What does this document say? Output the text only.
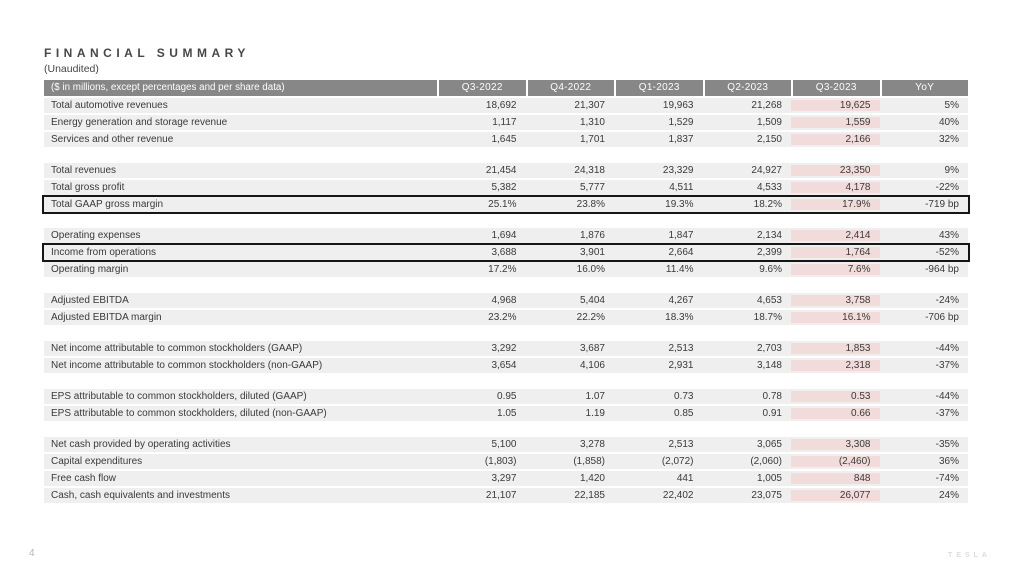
FINANCIAL SUMMARY
(Unaudited)
($ in millions, except percentages and per share data)	Q3-2022	Q4-2022	Q1-2023	Q2-2023	Q3-2023	YoY
Total automotive revenues	18,692	21,307	19,963	21,268	19,625	5%
Energy generation and storage revenue	1,117	1,310	1,529	1,509	1,559	40%
Services and other revenue	1,645	1,701	1,837	2,150	2,166	32%
Total revenues	21,454	24,318	23,329	24,927	23,350	9%
Total gross profit	5,382	5,777	4,511	4,533	4,178	-22%
Total GAAP gross margin	25.1%	23.8%	19.3%	18.2%	17.9%	-719 bp
Operating expenses	1,694	1,876	1,847	2,134	2,414	43%
Income from operations	3,688	3,901	2,664	2,399	1,764	-52%
Operating margin	17.2%	16.0%	11.4%	9.6%	7.6%	-964 bp
Adjusted EBITDA	4,968	5,404	4,267	4,653	3,758	-24%
Adjusted EBITDA margin	23.2%	22.2%	18.3%	18.7%	16.1%	-706 bp
Net income attributable to common stockholders (GAAP)	3,292	3,687	2,513	2,703	1,853	-44%
Net income attributable to common stockholders (non-GAAP)	3,654	4,106	2,931	3,148	2,318	-37%
EPS attributable to common stockholders, diluted (GAAP)	0.95	1.07	0.73	0.78	0.53	-44%
EPS attributable to common stockholders, diluted (non-GAAP)	1.05	1.19	0.85	0.91	0.66	-37%
Net cash provided by operating activities	5,100	3,278	2,513	3,065	3,308	-35%
Capital expenditures	(1,803)	(1,858)	(2,072)	(2,060)	(2,460)	36%
Free cash flow	3,297	1,420	441	1,005	848	-74%
Cash, cash equivalents and investments	21,107	22,185	22,402	23,075	26,077	24%
4	TESLA
